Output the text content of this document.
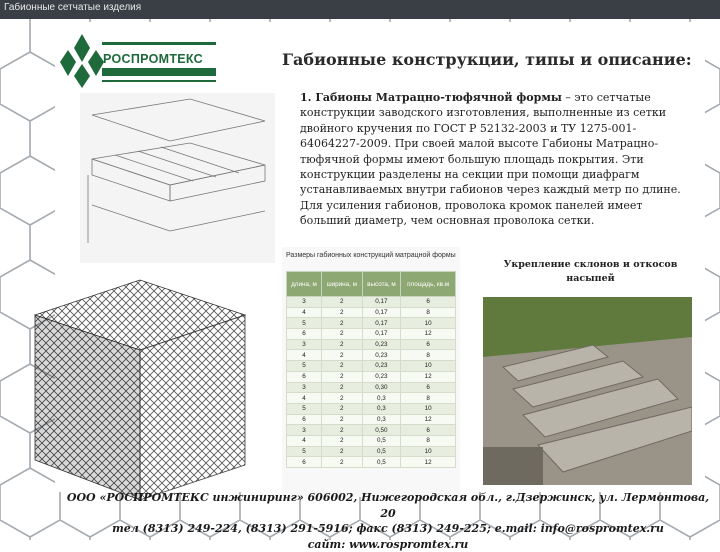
Габионные сетчатые изделия
РОСПРОМТЕКС	Габионные конструкции, типы и описание:
1. Габионы Матрацно-тюфячной формы – это сетчатые конструкции заводского изготовления, выполненные из сетки двойного кручения по ГОСТ Р 52132-2003 и ТУ 1275-001-64064227-2009. При своей малой высоте Габионы Матрацно-тюфячной формы имеют большую площадь покрытия. Эти конструкции разделены на секции при помощи диафрагм устанавливаемых внутри габионов через каждый метр по длине. Для усиления габионов, проволока кромок панелей имеет больший диаметр, чем основная проволока сетки.
Размеры габионных конструкций матрацной формы
длина, м	ширина, м	высота, м	площадь, кв.м
3	2	0,17	6
4	2	0,17	8
5	2	0,17	10
6	2	0,17	12
3	2	0,23	6
4	2	0,23	8
5	2	0,23	10
6	2	0,23	12
3	2	0,30	6
4	2	0,3	8
5	2	0,3	10
6	2	0,3	12
3	2	0,50	6
4	2	0,5	8
5	2	0,5	10
6	2	0,5	12
Укрепление склонов и откосов насыпей
ООО «РОСПРОМТЕКС инжиниринг» 606002, Нижегородская обл., г.Дзержинск, ул. Лермонтова, 20
тел (8313) 249-224, (8313) 291-5916; факс (8313) 249-225; e.mail: info@rospromtex.ru
сайт: www.rospromtex.ru
